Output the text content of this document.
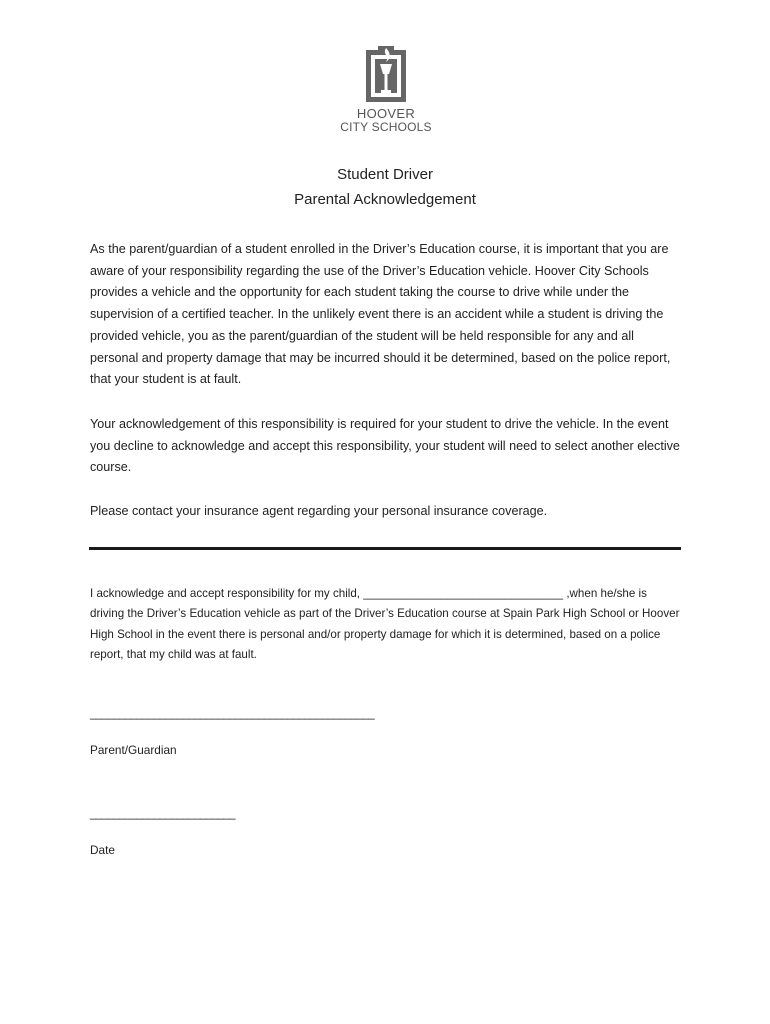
HOOVER
CITY SCHOOLS
Student Driver
Parental Acknowledgement
As the parent/guardian of a student enrolled in the Driver’s Education course, it is important that you are aware of your responsibility regarding the use of the Driver’s Education vehicle. Hoover City Schools provides a vehicle and the opportunity for each student taking the course to drive while under the supervision of a certified teacher. In the unlikely event there is an accident while a student is driving the provided vehicle, you as the parent/guardian of the student will be held responsible for any and all personal and property damage that may be incurred should it be determined, based on the police report, that your student is at fault.
Your acknowledgement of this responsibility is required for your student to drive the vehicle. In the event you decline to acknowledge and accept this responsibility, your student will need to select another elective course.
Please contact your insurance agent regarding your personal insurance coverage.
I acknowledge and accept responsibility for my child, _______________________________ ,when he/she is driving the Driver’s Education vehicle as part of the Driver’s Education course at Spain Park High School or Hoover High School in the event there is personal and/or property damage for which it is determined, based on a police report, that my child was at fault.
_________________________________________________
Parent/Guardian
_________________________
Date
